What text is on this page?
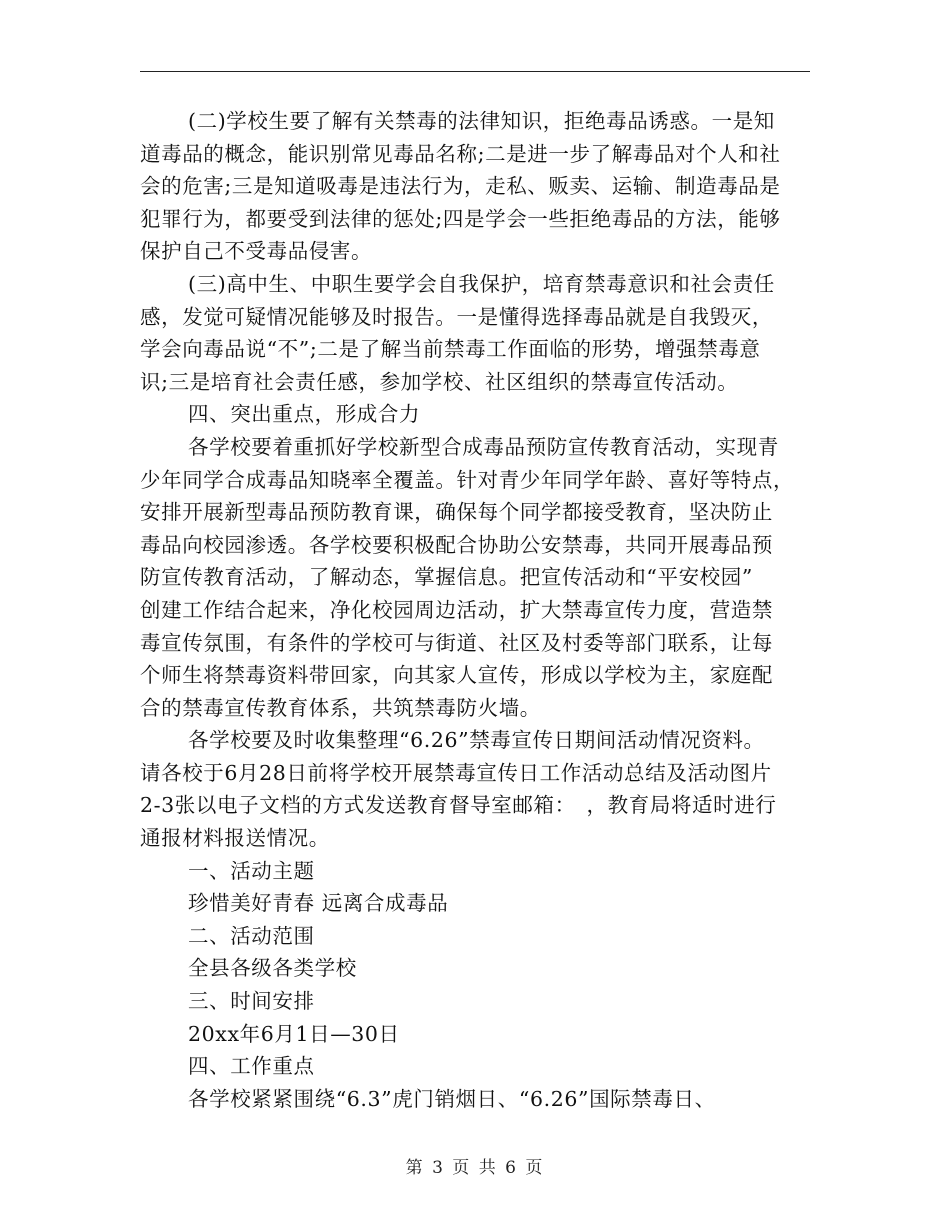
(二)学校生要了解有关禁毒的法律知识，拒绝毒品诱惑。一是知
道毒品的概念，能识别常见毒品名称;二是进一步了解毒品对个人和社
会的危害;三是知道吸毒是违法行为，走私、贩卖、运输、制造毒品是
犯罪行为，都要受到法律的惩处;四是学会一些拒绝毒品的方法，能够
保护自己不受毒品侵害。
(三)高中生、中职生要学会自我保护，培育禁毒意识和社会责任
感，发觉可疑情况能够及时报告。一是懂得选择毒品就是自我毁灭，
学会向毒品说“不”;二是了解当前禁毒工作面临的形势，增强禁毒意
识;三是培育社会责任感，参加学校、社区组织的禁毒宣传活动。
四、突出重点，形成合力
各学校要着重抓好学校新型合成毒品预防宣传教育活动，实现青
少年同学合成毒品知晓率全覆盖。针对青少年同学年龄、喜好等特点，
安排开展新型毒品预防教育课，确保每个同学都接受教育，坚决防止
毒品向校园渗透。各学校要积极配合协助公安禁毒，共同开展毒品预
防宣传教育活动，了解动态，掌握信息。把宣传活动和“平安校园”
创建工作结合起来，净化校园周边活动，扩大禁毒宣传力度，营造禁
毒宣传氛围，有条件的学校可与街道、社区及村委等部门联系，让每
个师生将禁毒资料带回家，向其家人宣传，形成以学校为主，家庭配
合的禁毒宣传教育体系，共筑禁毒防火墙。
各学校要及时收集整理“6.26”禁毒宣传日期间活动情况资料。
请各校于6月28日前将学校开展禁毒宣传日工作活动总结及活动图片
2-3张以电子文档的方式发送教育督导室邮箱：　，教育局将适时进行
通报材料报送情况。
一、活动主题
珍惜美好青春 远离合成毒品
二、活动范围
全县各级各类学校
三、时间安排
20xx年6月1日—30日
四、工作重点
各学校紧紧围绕“6.3”虎门销烟日、“6.26”国际禁毒日、
第 3 页 共 6 页
